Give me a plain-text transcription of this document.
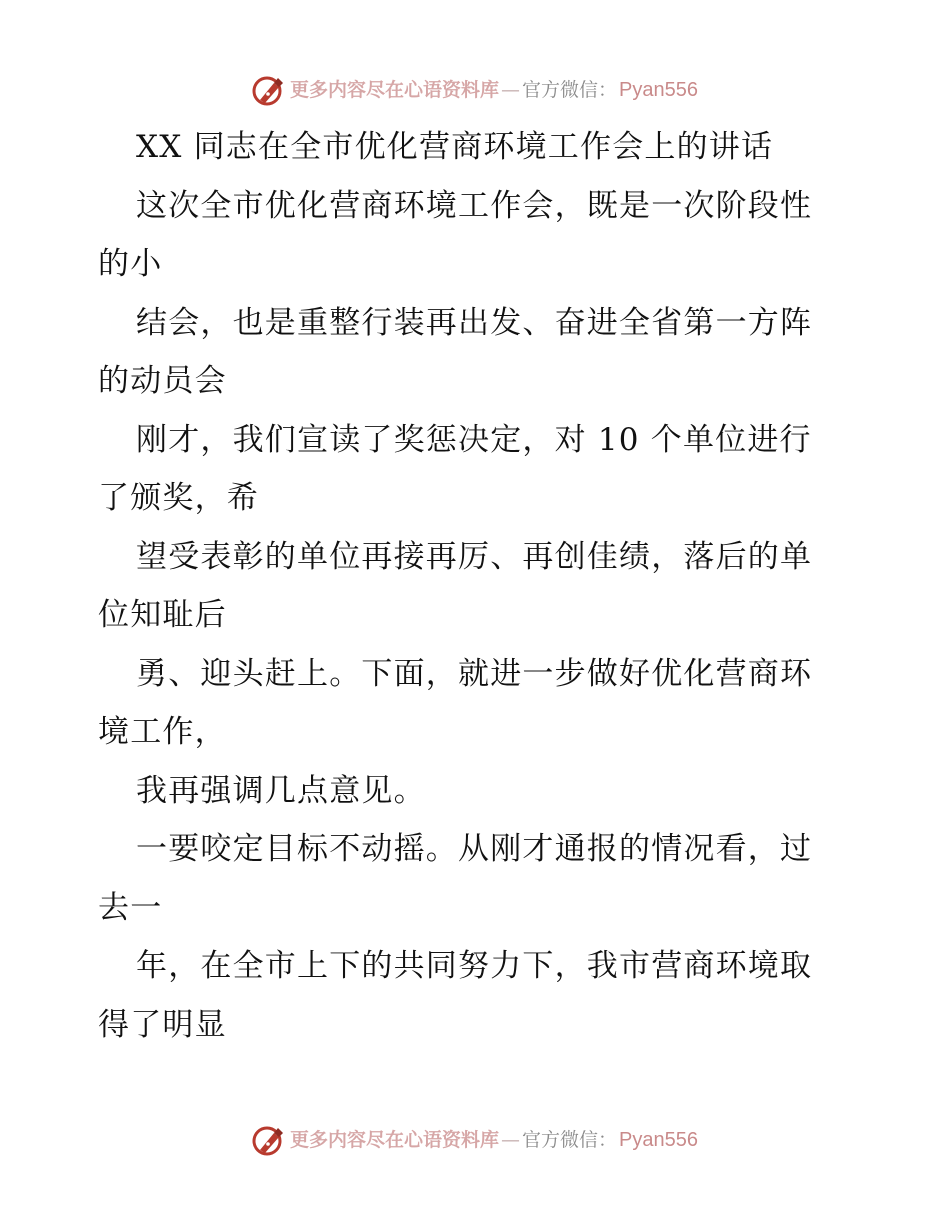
更多内容尽在心语资料库 — 官方微信： Pyan556
XX 同志在全市优化营商环境工作会上的讲话
这次全市优化营商环境工作会，既是一次阶段性
的小
结会，也是重整行装再出发、奋进全省第一方阵
的动员会
刚才，我们宣读了奖惩决定，对 10 个单位进行
了颁奖，希
望受表彰的单位再接再厉、再创佳绩，落后的单
位知耻后
勇、迎头赶上。下面，就进一步做好优化营商环
境工作，
我再强调几点意见。
一要咬定目标不动摇。从刚才通报的情况看，过
去一
年，在全市上下的共同努力下，我市营商环境取
得了明显
更多内容尽在心语资料库 — 官方微信： Pyan556
